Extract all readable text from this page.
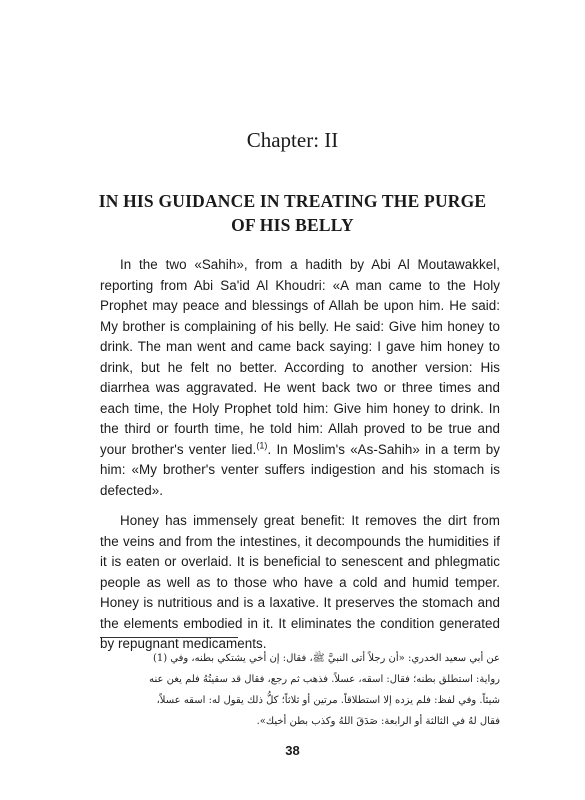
Chapter: II
IN HIS GUIDANCE IN TREATING THE PURGE OF HIS BELLY

In the two «Sahih», from a hadith by Abi Al Moutawakkel, reporting from Abi Sa'id Al Khoudri: «A man came to the Holy Prophet may peace and blessings of Allah be upon him. He said: My brother is complaining of his belly. He said: Give him honey to drink. The man went and came back saying: I gave him honey to drink, but he felt no better. According to another version: His diarrhea was aggravated. He went back two or three times and each time, the Holy Prophet told him: Give him honey to drink. In the third or fourth time, he told him: Allah proved to be true and your brother's venter lied.$^{(1)}$. In Moslim's «As-Sahih» in a term by him: «My brother's venter suffers indigestion and his stomach is defected».

Honey has immensely great benefit: It removes the dirt from the veins and from the intestines, it decompounds the humidities if it is eaten or overlaid. It is beneficial to senescent and phlegmatic people as well as to those who have a cold and humid temper. Honey is nutritious and is a laxative. It preserves the stomach and the elements embodied in it. It eliminates the condition generated by repugnant medicaments.

عن أبي سعيد الخدري: «أن رجلاً أتى النبيَّ ﷺ، فقال: إن أخي يشتكي بطنه، وفي (1)
رواية: استطلق بطنه؛ فقال: اسقه، عسلاً. فذهب ثم رجع، فقال قد سقيتُهُ فلم يغن عنه
شيئاً. وفي لفظ: فلم يزده إلا استطلاقاً. مرتين أو ثلاثاً؛ كلُّ ذلك يقول له: اسقه عسلاً،
فقال لهُ في الثالثة أو الرابعة: صَدَقَ اللهُ وكذب بطن أخيك».
38
